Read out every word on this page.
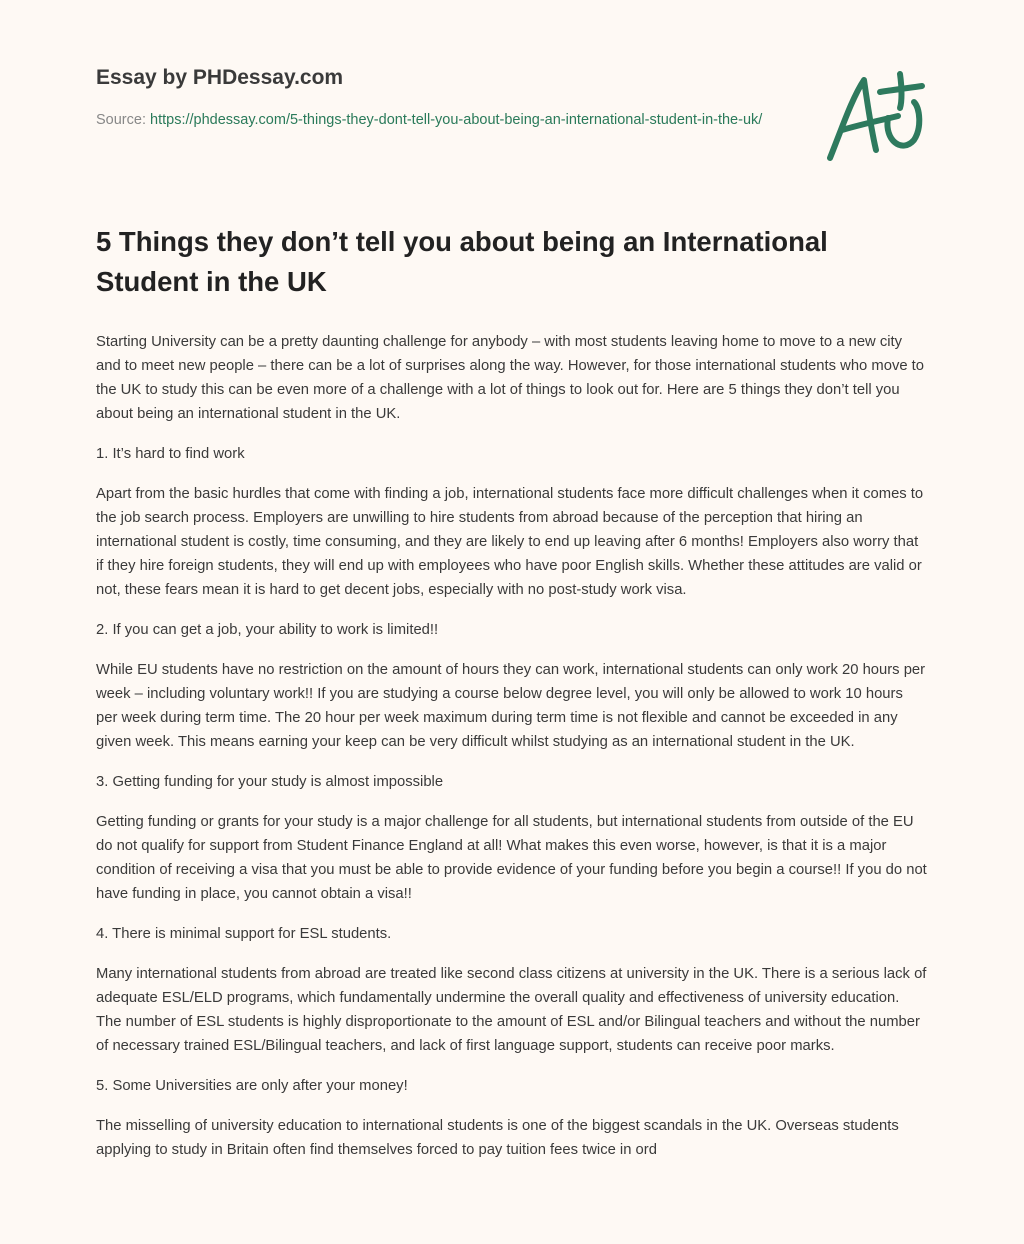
Essay by PHDessay.com
Source: https://phdessay.com/5-things-they-dont-tell-you-about-being-an-international-student-in-the-uk/
5 Things they don’t tell you about being an International Student in the UK

Starting University can be a pretty daunting challenge for anybody – with most students leaving home to move to a new city and to meet new people – there can be a lot of surprises along the way. However, for those international students who move to the UK to study this can be even more of a challenge with a lot of things to look out for. Here are 5 things they don’t tell you about being an international student in the UK.

1. It’s hard to find work

Apart from the basic hurdles that come with finding a job, international students face more difficult challenges when it comes to the job search process. Employers are unwilling to hire students from abroad because of the perception that hiring an international student is costly, time consuming, and they are likely to end up leaving after 6 months! Employers also worry that if they hire foreign students, they will end up with employees who have poor English skills. Whether these attitudes are valid or not, these fears mean it is hard to get decent jobs, especially with no post-study work visa.

2. If you can get a job, your ability to work is limited!!

While EU students have no restriction on the amount of hours they can work, international students can only work 20 hours per week – including voluntary work!! If you are studying a course below degree level, you will only be allowed to work 10 hours per week during term time. The 20 hour per week maximum during term time is not flexible and cannot be exceeded in any given week. This means earning your keep can be very difficult whilst studying as an international student in the UK.

3. Getting funding for your study is almost impossible

Getting funding or grants for your study is a major challenge for all students, but international students from outside of the EU do not qualify for support from Student Finance England at all! What makes this even worse, however, is that it is a major condition of receiving a visa that you must be able to provide evidence of your funding before you begin a course!! If you do not have funding in place, you cannot obtain a visa!!

4. There is minimal support for ESL students.

Many international students from abroad are treated like second class citizens at university in the UK. There is a serious lack of adequate ESL/ELD programs, which fundamentally undermine the overall quality and effectiveness of university education. The number of ESL students is highly disproportionate to the amount of ESL and/or Bilingual teachers and without the number of necessary trained ESL/Bilingual teachers, and lack of first language support, students can receive poor marks.

5. Some Universities are only after your money!

The misselling of university education to international students is one of the biggest scandals in the UK. Overseas students applying to study in Britain often find themselves forced to pay tuition fees twice in ord
